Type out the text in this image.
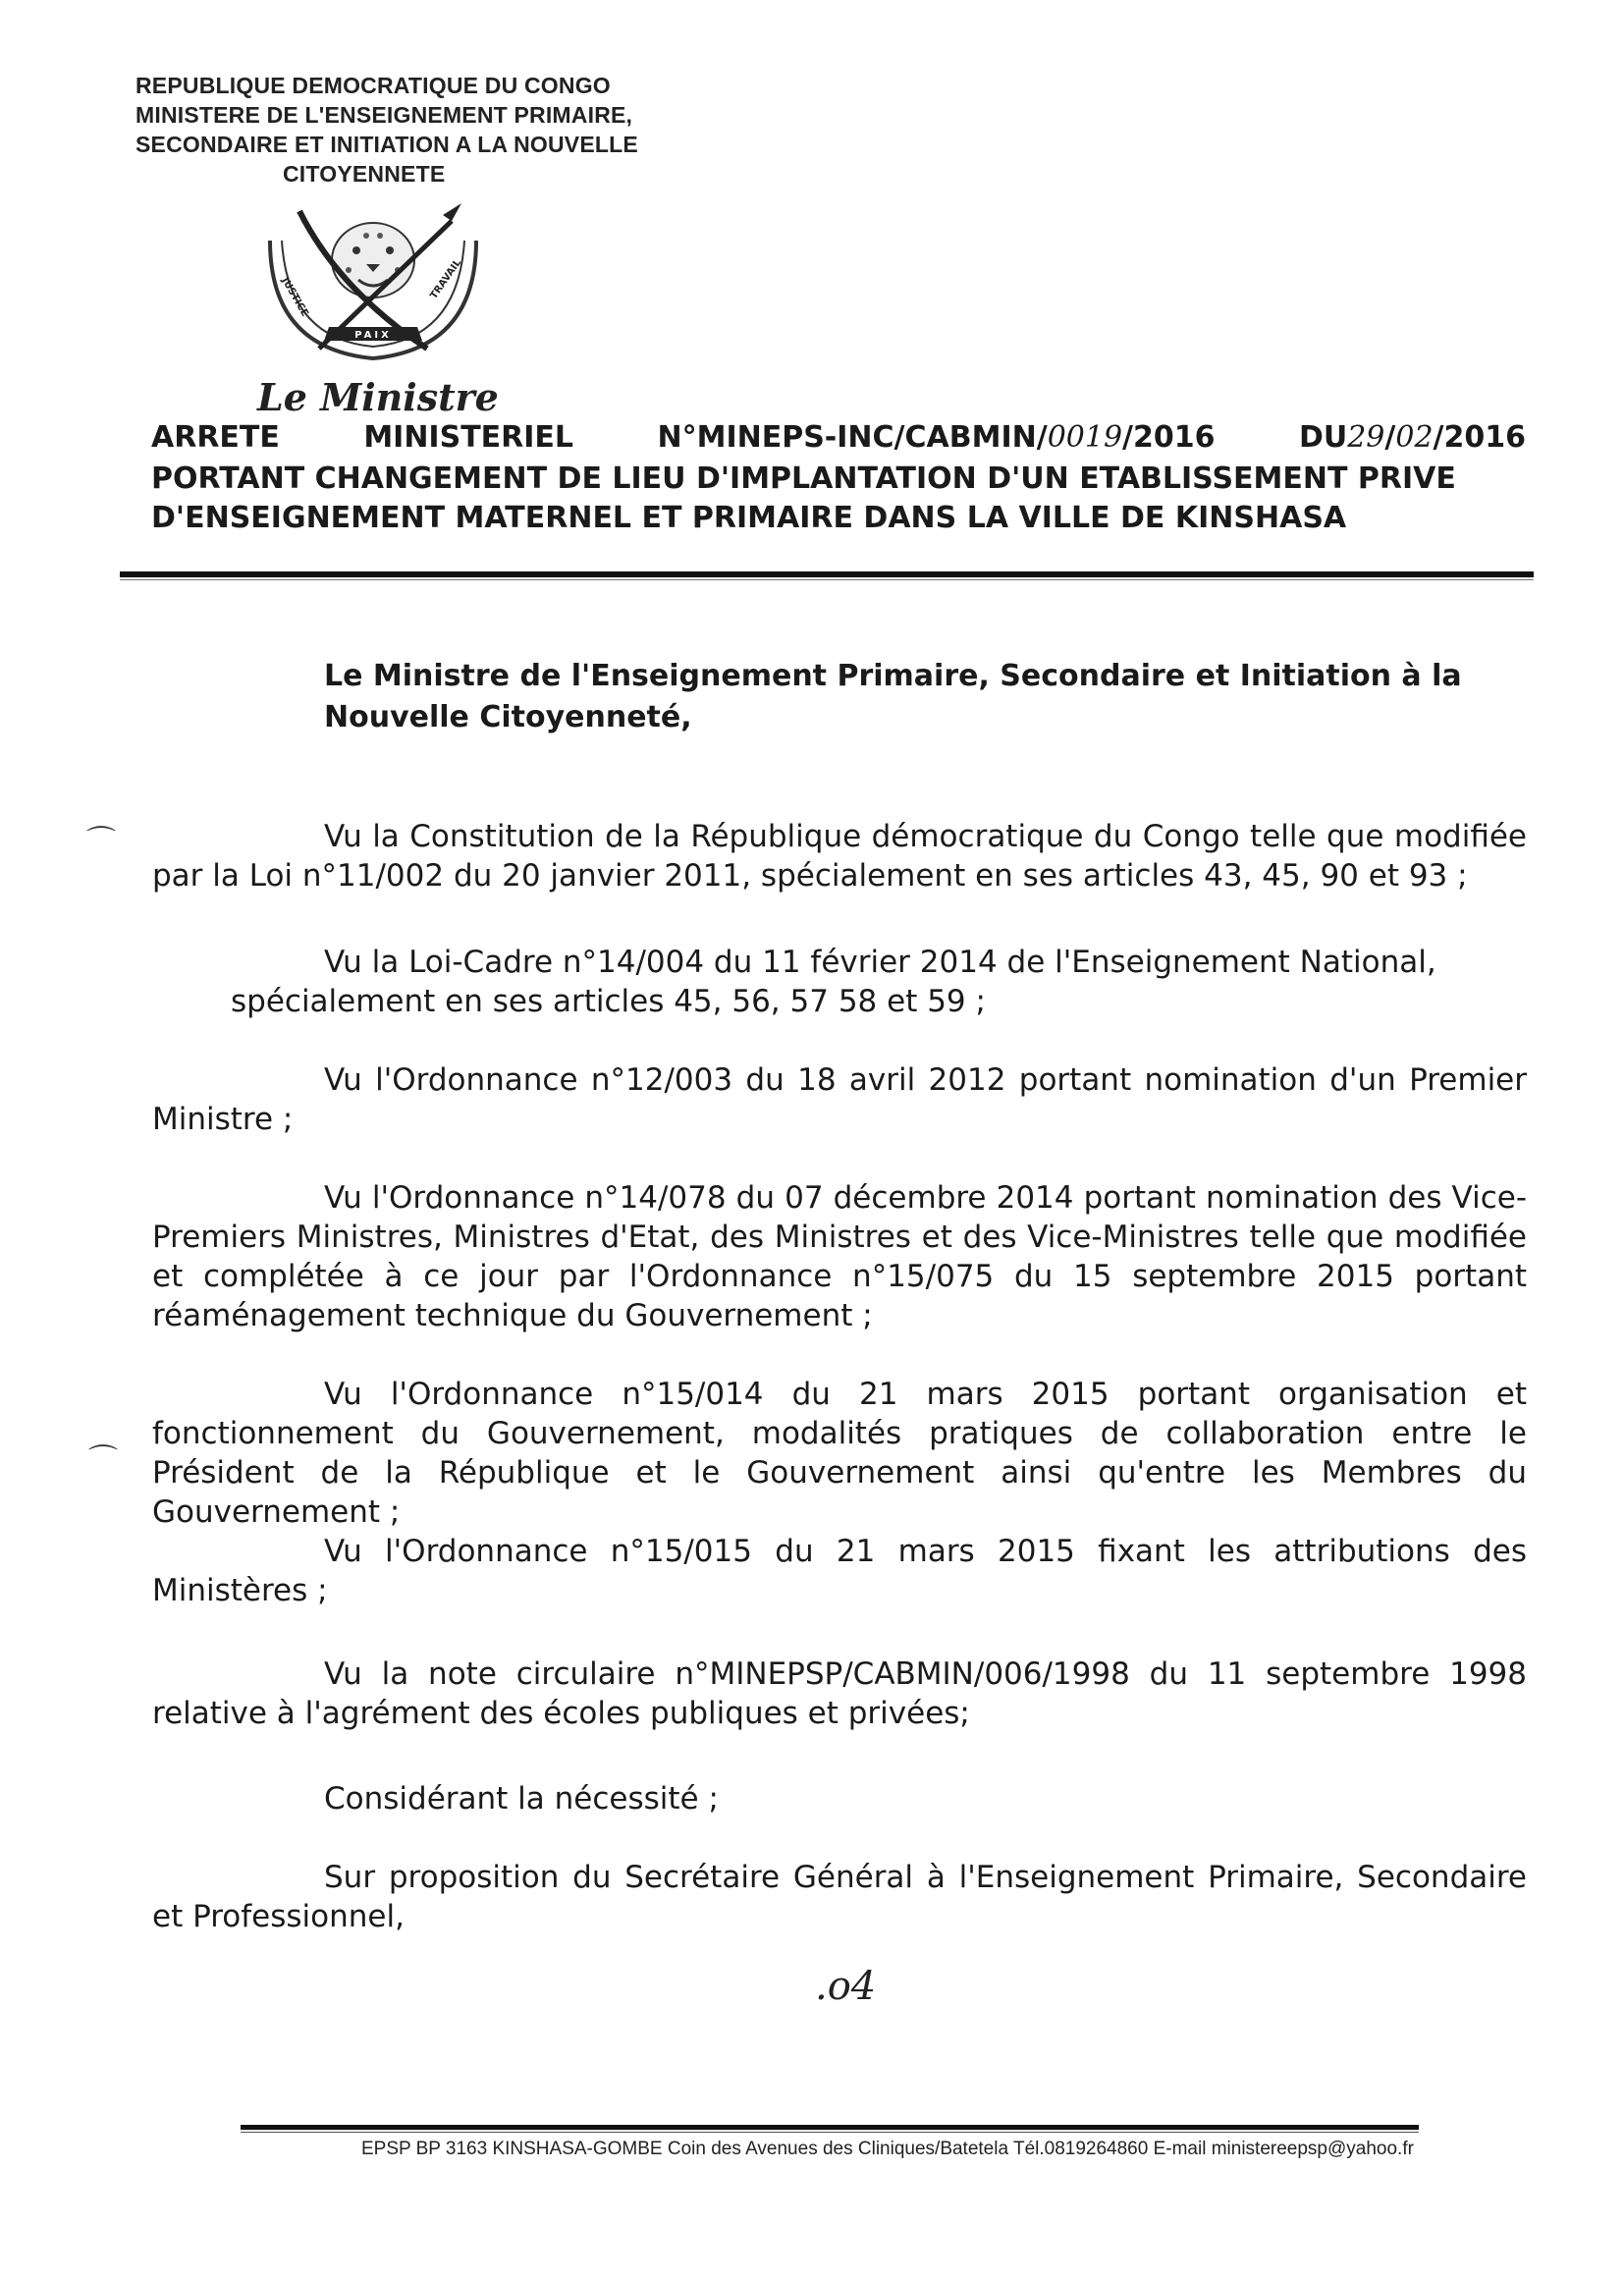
REPUBLIQUE DEMOCRATIQUE DU CONGO
MINISTERE DE L'ENSEIGNEMENT PRIMAIRE,
SECONDAIRE ET INITIATION A LA NOUVELLE
CITOYENNETE
PAIX
JUSTICE	TRAVAIL
Le Ministre
ARRETE	MINISTERIEL	N°MINEPS-INC/CABMIN/0019/2016	DU29/02/2016
PORTANT CHANGEMENT DE LIEU D'IMPLANTATION D'UN ETABLISSEMENT PRIVE
D'ENSEIGNEMENT MATERNEL ET PRIMAIRE DANS LA VILLE DE KINSHASA
Le Ministre de l'Enseignement Primaire, Secondaire et Initiation à la Nouvelle Citoyenneté,
⌒
⌒
Vu la Constitution de la République démocratique du Congo telle que modifiée par la Loi n°11/002 du 20 janvier 2011, spécialement en ses articles 43, 45, 90 et 93 ;
Vu la Loi-Cadre n°14/004 du 11 février 2014 de l'Enseignement National,
spécialement en ses articles 45, 56, 57 58 et 59 ;
Vu l'Ordonnance n°12/003 du 18 avril 2012 portant nomination d'un Premier Ministre ;
Vu l'Ordonnance n°14/078 du 07 décembre 2014 portant nomination des Vice-Premiers Ministres, Ministres d'Etat, des Ministres et des Vice-Ministres telle que modifiée et complétée à ce jour par l'Ordonnance n°15/075 du 15 septembre 2015 portant réaménagement technique du Gouvernement ;
Vu l'Ordonnance n°15/014 du 21 mars 2015 portant organisation et fonctionnement du Gouvernement, modalités pratiques de collaboration entre le Président de la République et le Gouvernement ainsi qu'entre les Membres du Gouvernement ;
Vu l'Ordonnance n°15/015 du 21 mars 2015 fixant les attributions des Ministères ;
Vu la note circulaire n°MINEPSP/CABMIN/006/1998 du 11 septembre 1998 relative à l'agrément des écoles publiques et privées;
Considérant la nécessité ;
Sur proposition du Secrétaire Général à l'Enseignement Primaire, Secondaire et Professionnel,
.o4
EPSP BP 3163 KINSHASA-GOMBE Coin des Avenues des Cliniques/Batetela Tél.0819264860 E-mail ministereepsp@yahoo.fr
